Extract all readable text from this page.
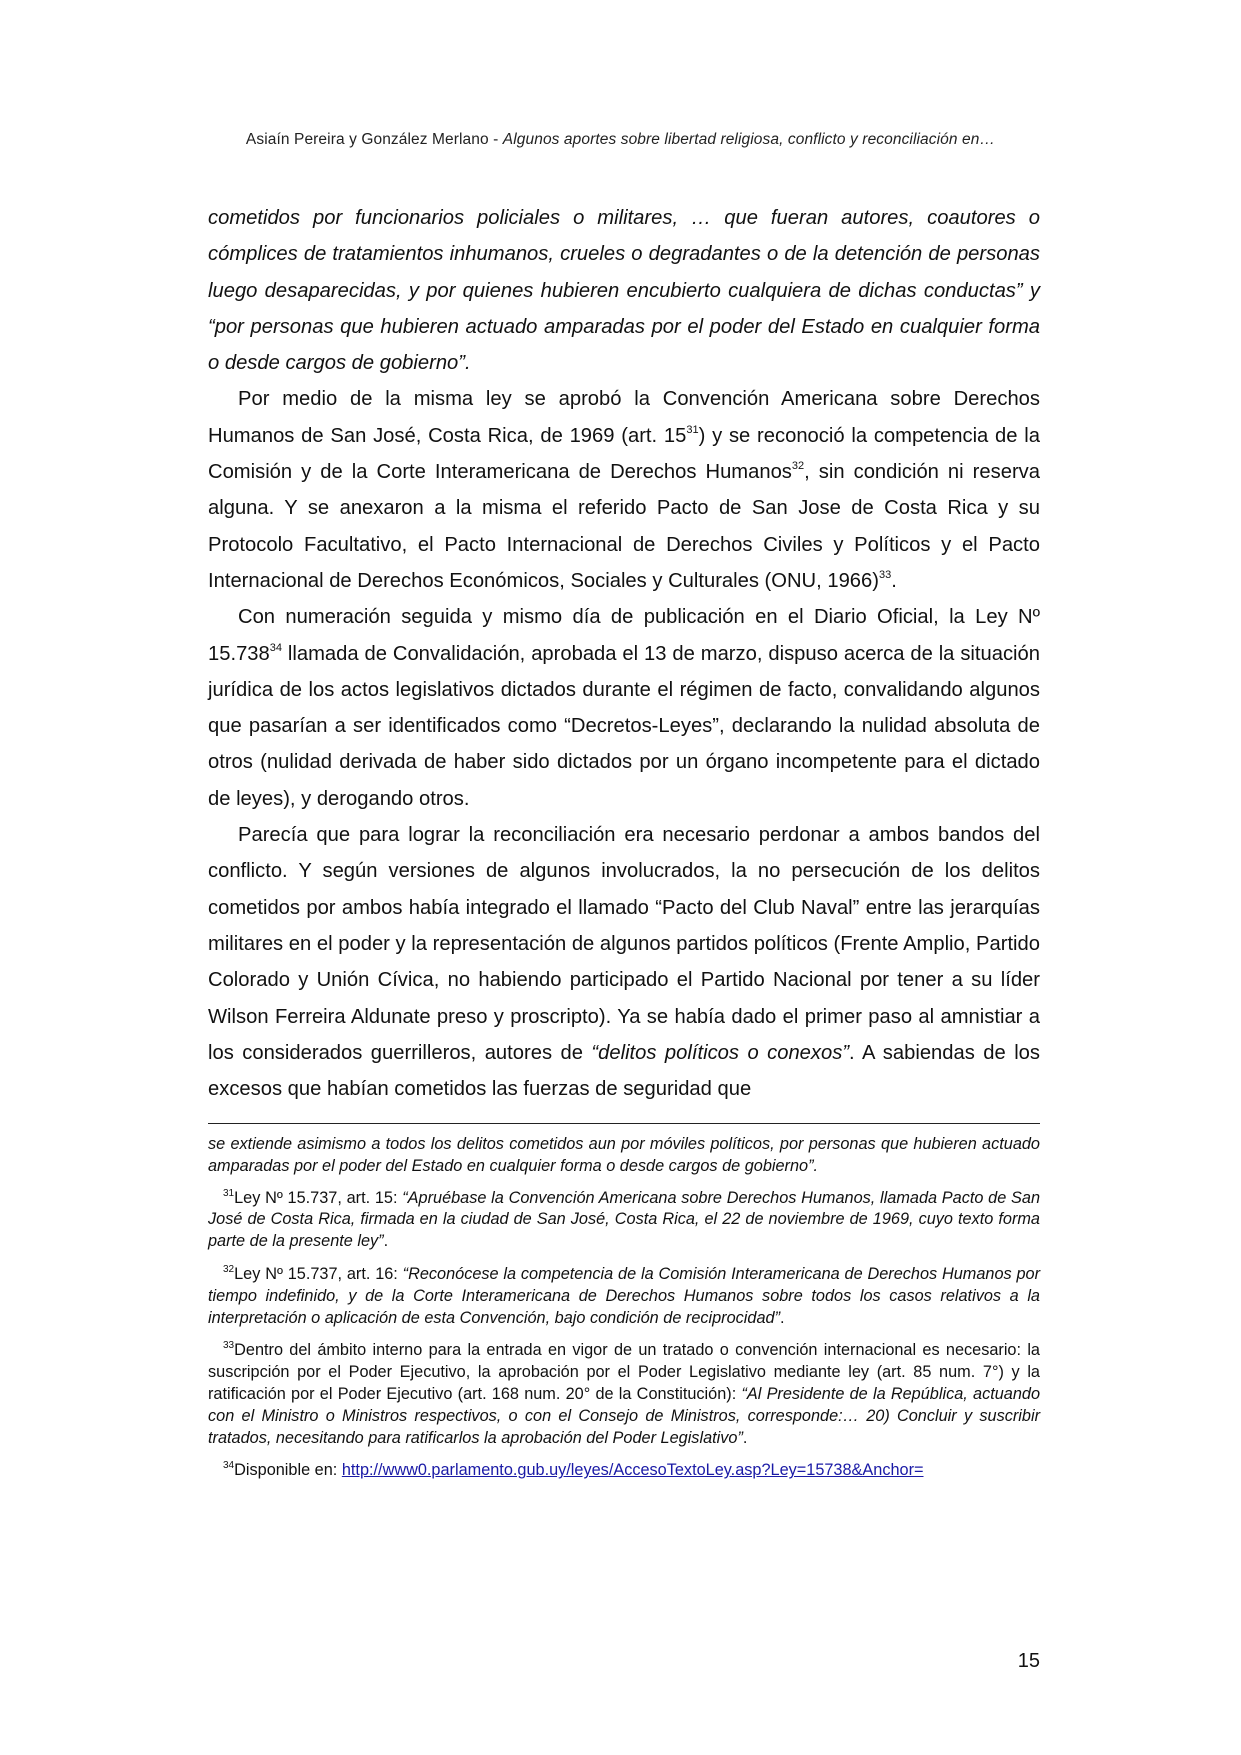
Asiaín Pereira y González Merlano - Algunos aportes sobre libertad religiosa, conflicto y reconciliación en…

cometidos por funcionarios policiales o militares, … que fueran autores, coautores o cómplices de tratamientos inhumanos, crueles o degradantes o de la detención de personas luego desaparecidas, y por quienes hubieren encubierto cualquiera de dichas conductas” y “por personas que hubieren actuado amparadas por el poder del Estado en cualquier forma o desde cargos de gobierno”.

Por medio de la misma ley se aprobó la Convención Americana sobre Derechos Humanos de San José, Costa Rica, de 1969 (art. $15^{31}$) y se reconoció la competencia de la Comisión y de la Corte Interamericana de Derechos Humanos$^{32}$, sin condición ni reserva alguna. Y se anexaron a la misma el referido Pacto de San Jose de Costa Rica y su Protocolo Facultativo, el Pacto Internacional de Derechos Civiles y Políticos y el Pacto Internacional de Derechos Económicos, Sociales y Culturales (ONU, 1966)$^{33}$.

Con numeración seguida y mismo día de publicación en el Diario Oficial, la Ley Nº 15.738$^{34}$ llamada de Convalidación, aprobada el 13 de marzo, dispuso acerca de la situación jurídica de los actos legislativos dictados durante el régimen de facto, convalidando algunos que pasarían a ser identificados como “Decretos-Leyes”, declarando la nulidad absoluta de otros (nulidad derivada de haber sido dictados por un órgano incompetente para el dictado de leyes), y derogando otros.

Parecía que para lograr la reconciliación era necesario perdonar a ambos bandos del conflicto. Y según versiones de algunos involucrados, la no persecución de los delitos cometidos por ambos había integrado el llamado “Pacto del Club Naval” entre las jerarquías militares en el poder y la representación de algunos partidos políticos (Frente Amplio, Partido Colorado y Unión Cívica, no habiendo participado el Partido Nacional por tener a su líder Wilson Ferreira Aldunate preso y proscripto). Ya se había dado el primer paso al amnistiar a los considerados guerrilleros, autores de “delitos políticos o conexos”. A sabiendas de los excesos que habían cometidos las fuerzas de seguridad que

se extiende asimismo a todos los delitos cometidos aun por móviles políticos, por personas que hubieren actuado amparadas por el poder del Estado en cualquier forma o desde cargos de gobierno”.

$^{31}$Ley Nº 15.737, art. 15: “Apruébase la Convención Americana sobre Derechos Humanos, llamada Pacto de San José de Costa Rica, firmada en la ciudad de San José, Costa Rica, el 22 de noviembre de 1969, cuyo texto forma parte de la presente ley”.

$^{32}$Ley Nº 15.737, art. 16: “Reconócese la competencia de la Comisión Interamericana de Derechos Humanos por tiempo indefinido, y de la Corte Interamericana de Derechos Humanos sobre todos los casos relativos a la interpretación o aplicación de esta Convención, bajo condición de reciprocidad”.

$^{33}$Dentro del ámbito interno para la entrada en vigor de un tratado o convención internacional es necesario: la suscripción por el Poder Ejecutivo, la aprobación por el Poder Legislativo mediante ley (art. 85 num. 7°) y la ratificación por el Poder Ejecutivo (art. 168 num. 20° de la Constitución): “Al Presidente de la República, actuando con el Ministro o Ministros respectivos, o con el Consejo de Ministros, corresponde:… 20) Concluir y suscribir tratados, necesitando para ratificarlos la aprobación del Poder Legislativo”.

$^{34}$Disponible en: http://www0.parlamento.gub.uy/leyes/AccesoTextoLey.asp?Ley=15738&Anchor=

15
